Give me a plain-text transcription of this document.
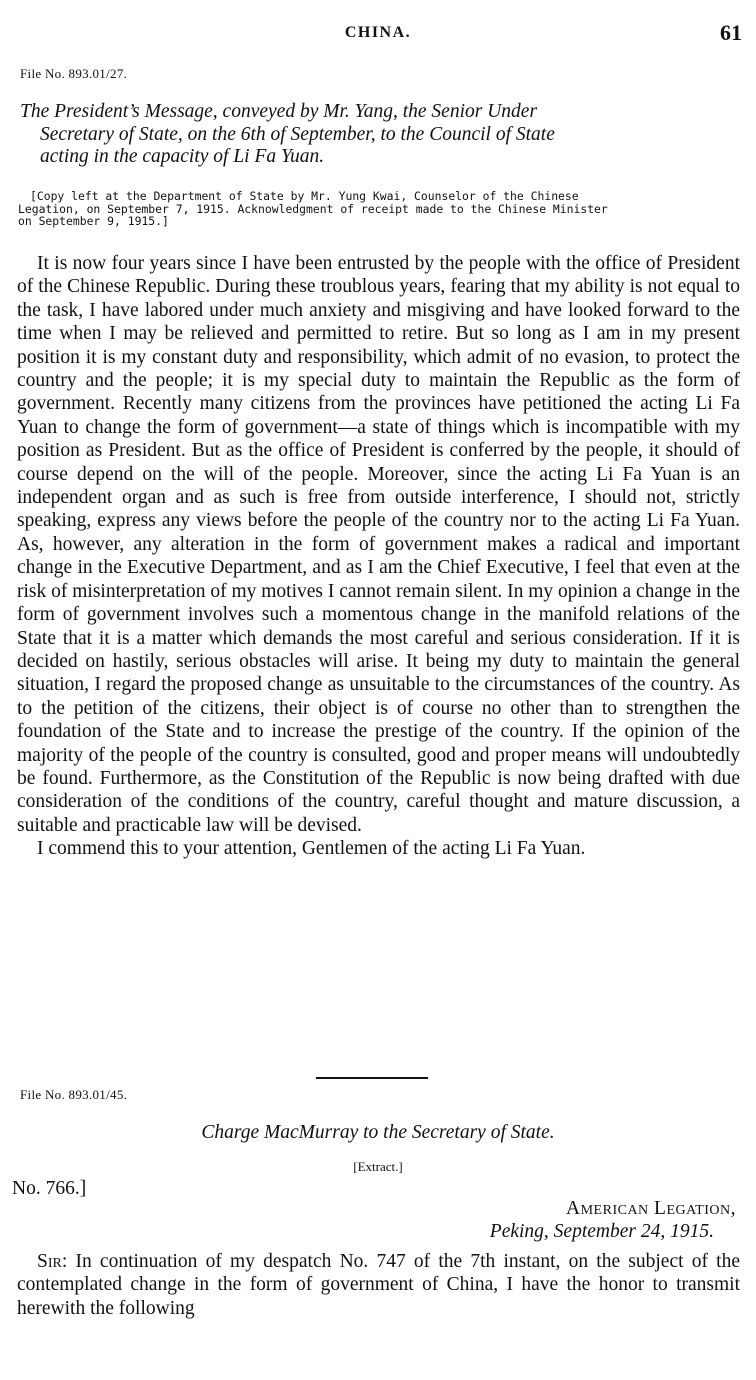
CHINA.	61
File No. 893.01/27.
The President’s Message, conveyed by Mr. Yang, the Senior Under
Secretary of State, on the 6th of September, to the Council of State
acting in the capacity of Li Fa Yuan.
[Copy left at the Department of State by Mr. Yung Kwai, Counselor of the Chinese
Legation, on September 7, 1915. Acknowledgment of receipt made to the Chinese Minister
on September 9, 1915.]

It is now four years since I have been entrusted by the people with the office of President of the Chinese Republic. During these troublous years, fearing that my ability is not equal to the task, I have labored under much anxiety and misgiving and have looked forward to the time when I may be relieved and permitted to retire. But so long as I am in my present position it is my constant duty and responsibility, which admit of no evasion, to protect the country and the people; it is my special duty to maintain the Republic as the form of government. Recently many citizens from the provinces have petitioned the acting Li Fa Yuan to change the form of government—a state of things which is incompatible with my position as President. But as the office of President is conferred by the people, it should of course depend on the will of the people. Moreover, since the acting Li Fa Yuan is an independent organ and as such is free from outside interference, I should not, strictly speaking, express any views before the people of the country nor to the acting Li Fa Yuan. As, however, any alteration in the form of government makes a radical and important change in the Executive Department, and as I am the Chief Executive, I feel that even at the risk of misinterpretation of my motives I cannot remain silent. In my opinion a change in the form of government involves such a momentous change in the manifold relations of the State that it is a matter which demands the most careful and serious consideration. If it is decided on hastily, serious obstacles will arise. It being my duty to maintain the general situation, I regard the proposed change as unsuitable to the circumstances of the country. As to the petition of the citizens, their object is of course no other than to strengthen the foundation of the State and to increase the prestige of the country. If the opinion of the majority of the people of the country is consulted, good and proper means will undoubtedly be found. Furthermore, as the Constitution of the Republic is now being drafted with due consideration of the conditions of the country, careful thought and mature discussion, a suitable and practicable law will be devised.

I commend this to your attention, Gentlemen of the acting Li Fa Yuan.

File No. 893.01/45.
Charge MacMurray to the Secretary of State.
[Extract.]
No. 766.]
American Legation,
Peking, September 24, 1915.

Sir: In continuation of my despatch No. 747 of the 7th instant, on the subject of the contemplated change in the form of government of China, I have the honor to transmit herewith the following
